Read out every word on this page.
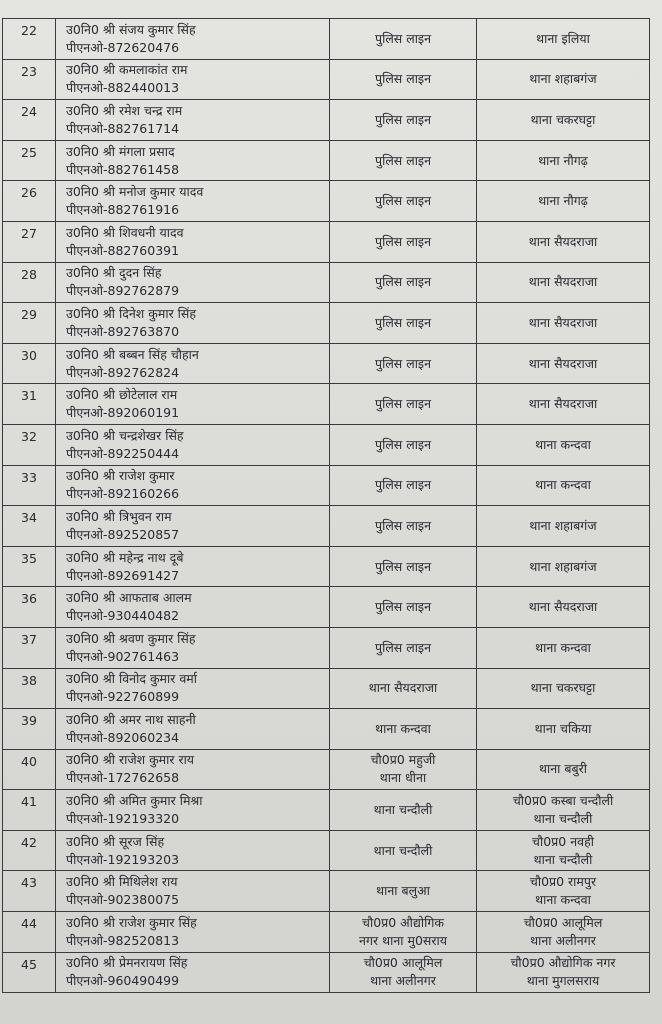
22	उ0नि0 श्री संजय कुमार सिंह
पीएनओ-872620476	पुलिस लाइन	थाना इलिया

23	उ0नि0 श्री कमलाकांत राम
पीएनओ-882440013	पुलिस लाइन	थाना शहाबगंज

24	उ0नि0 श्री रमेश चन्द्र राम
पीएनओ-882761714	पुलिस लाइन	थाना चकरघट्टा

25	उ0नि0 श्री मंगला प्रसाद
पीएनओ-882761458	पुलिस लाइन	थाना नौगढ़

26	उ0नि0 श्री मनोज कुमार यादव
पीएनओ-882761916	पुलिस लाइन	थाना नौगढ़

27	उ0नि0 श्री शिवधनी यादव
पीएनओ-882760391	पुलिस लाइन	थाना सैयदराजा

28	उ0नि0 श्री दुदन सिंह
पीएनओ-892762879	पुलिस लाइन	थाना सैयदराजा

29	उ0नि0 श्री दिनेश कुमार सिंह
पीएनओ-892763870	पुलिस लाइन	थाना सैयदराजा

30	उ0नि0 श्री बब्बन सिंह चौहान
पीएनओ-892762824	पुलिस लाइन	थाना सैयदराजा

31	उ0नि0 श्री छोटेलाल राम
पीएनओ-892060191	पुलिस लाइन	थाना सैयदराजा

32	उ0नि0 श्री चन्द्रशेखर सिंह
पीएनओ-892250444	पुलिस लाइन	थाना कन्दवा

33	उ0नि0 श्री राजेश कुमार
पीएनओ-892160266	पुलिस लाइन	थाना कन्दवा

34	उ0नि0 श्री त्रिभुवन राम
पीएनओ-892520857	पुलिस लाइन	थाना शहाबगंज

35	उ0नि0 श्री महेन्द्र नाथ दूबे
पीएनओ-892691427	पुलिस लाइन	थाना शहाबगंज

36	उ0नि0 श्री आफताब आलम
पीएनओ-930440482	पुलिस लाइन	थाना सैयदराजा

37	उ0नि0 श्री श्रवण कुमार सिंह
पीएनओ-902761463	पुलिस लाइन	थाना कन्दवा

38	उ0नि0 श्री विनोद कुमार वर्मा
पीएनओ-922760899	थाना सैयदराजा	थाना चकरघट्टा

39	उ0नि0 श्री अमर नाथ साहनी
पीएनओ-892060234	थाना कन्दवा	थाना चकिया

40	उ0नि0 श्री राजेश कुमार राय
पीएनओ-172762658	चौ0प्र0 महुजी
थाना धीना	थाना बबुरी

41	उ0नि0 श्री अमित कुमार मिश्रा
पीएनओ-192193320	थाना चन्दौली	चौ0प्र0 कस्बा चन्दौली
थाना चन्दौली

42	उ0नि0 श्री सूरज सिंह
पीएनओ-192193203	थाना चन्दौली	चौ0प्र0 नवही
थाना चन्दौली

43	उ0नि0 श्री मिथिलेश राय
पीएनओ-902380075	थाना बलुआ	चौ0प्र0 रामपुर
थाना कन्दवा

44	उ0नि0 श्री राजेश कुमार सिंह
पीएनओ-982520813	चौ0प्र0 औद्योगिक
नगर थाना मु0सराय	चौ0प्र0 आलूमिल
थाना अलीनगर

45	उ0नि0 श्री प्रेमनरायण सिंह
पीएनओ-960490499	चौ0प्र0 आलूमिल
थाना अलीनगर	चौ0प्र0 औद्योगिक नगर
थाना मुगलसराय
